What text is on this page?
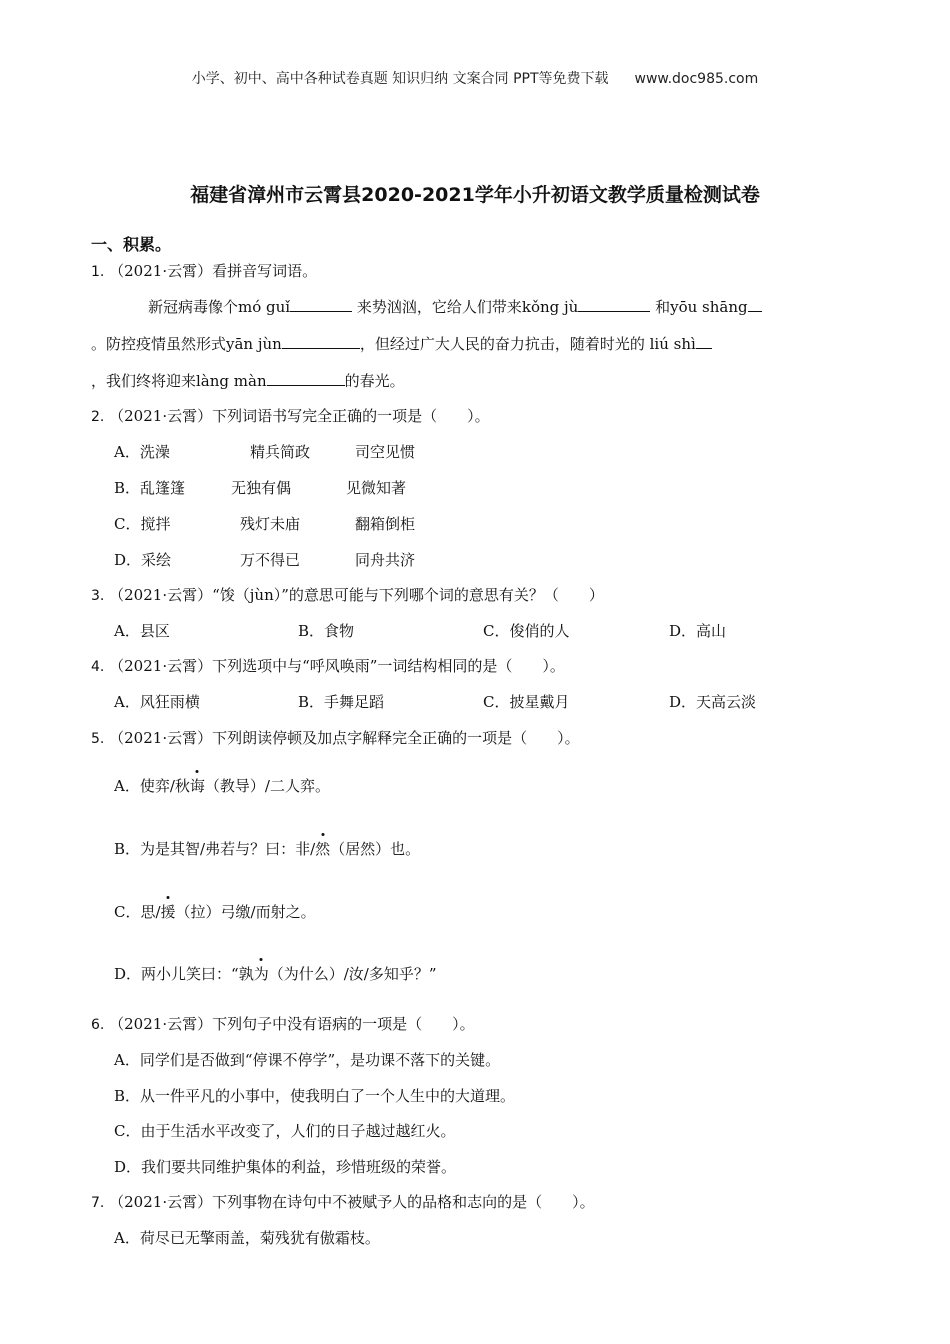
小学、初中、高中各种试卷真题 知识归纳 文案合同 PPT等免费下载 www.doc985.com
福建省漳州市云霄县2020-2021学年小升初语文教学质量检测试卷
一、积累。
1. （2021·云霄）看拼音写词语。
新冠病毒像个mó guǐ	来势汹汹，它给人们带来kǒng jù	和yōu shāng
。防控疫情虽然形式yān jùn	，但经过广大人民的奋力抗击，随着时光的 liú shì
，我们终将迎来làng màn	的春光。
2. （2021·云霄）下列词语书写完全正确的一项是（　　）。
A．洗澡	精兵简政	司空见惯
B．乱篷篷	无独有偶	见微知著
C．搅拌	残灯未庙	翻箱倒柜
D．采绘	万不得已	同舟共济
3. （2021·云霄）“馂（jùn）”的意思可能与下列哪个词的意思有关？（　　）
A．县区	B．食物	C．俊俏的人	D．高山
4. （2021·云霄）下列选项中与“呼风唤雨”一词结构相同的是（　　）。
A．风狂雨横	B．手舞足蹈	C．披星戴月	D．天高云淡
5. （2021·云霄）下列朗读停顿及加点字解释完全正确的一项是（　　）。
A．使弈/秋诲（教导）/二人弈。
B．为是其智/弗若与？曰：非/然（居然）也。
C．思/援（拉）弓缴/而射之。
D．两小儿笑曰：“孰为（为什么）/汝/多知乎？”
6. （2021·云霄）下列句子中没有语病的一项是（　　）。
A．同学们是否做到“停课不停学”，是功课不落下的关键。
B．从一件平凡的小事中，使我明白了一个人生中的大道理。
C．由于生活水平改变了，人们的日子越过越红火。
D．我们要共同维护集体的利益，珍惜班级的荣誉。
7. （2021·云霄）下列事物在诗句中不被赋予人的品格和志向的是（　　）。
A．荷尽已无擎雨盖，菊残犹有傲霜枝。
